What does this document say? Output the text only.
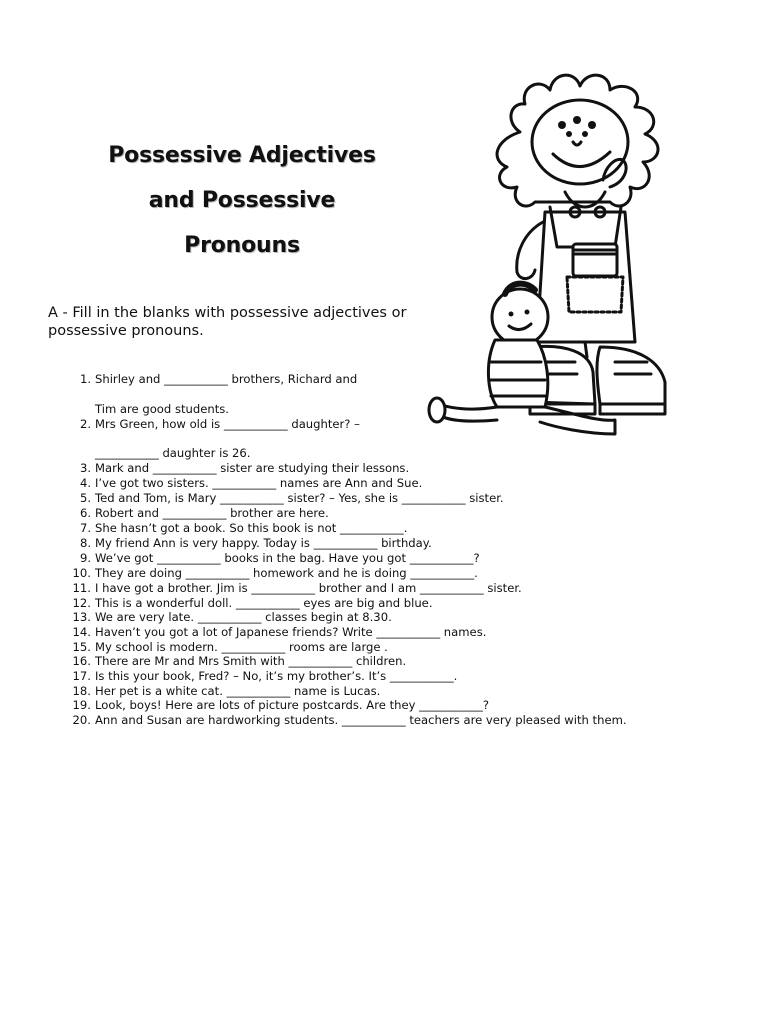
Possessive Adjectives
and Possessive
Pronouns
A - Fill in the blanks with possessive adjectives or possessive pronouns.
1. Shirley and ___________ brothers, Richard and
Tim are good students.
2. Mrs Green, how old is ___________ daughter? –
___________ daughter is 26.
3. Mark and ___________ sister are studying their lessons.
4. I’ve got two sisters. ___________ names are Ann and Sue.
5. Ted and Tom, is Mary ___________ sister? – Yes, she is ___________ sister.
6. Robert and ___________ brother are here.
7. She hasn’t got a book. So this book is not ___________.
8. My friend Ann is very happy. Today is ___________ birthday.
9. We’ve got ___________ books in the bag. Have you got ___________?
10. They are doing ___________ homework and he is doing ___________.
11. I have got a brother. Jim is ___________ brother and I am ___________ sister.
12. This is a wonderful doll. ___________ eyes are big and blue.
13. We are very late. ___________ classes begin at 8.30.
14. Haven’t you got a lot of Japanese friends? Write ___________ names.
15. My school is modern. ___________ rooms are large .
16. There are Mr and Mrs Smith with ___________ children.
17. Is this your book, Fred? – No, it’s my brother’s. It’s ___________.
18. Her pet is a white cat. ___________ name is Lucas.
19. Look, boys! Here are lots of picture postcards. Are they ___________?
20. Ann and Susan are hardworking students. ___________ teachers are very pleased with them.
